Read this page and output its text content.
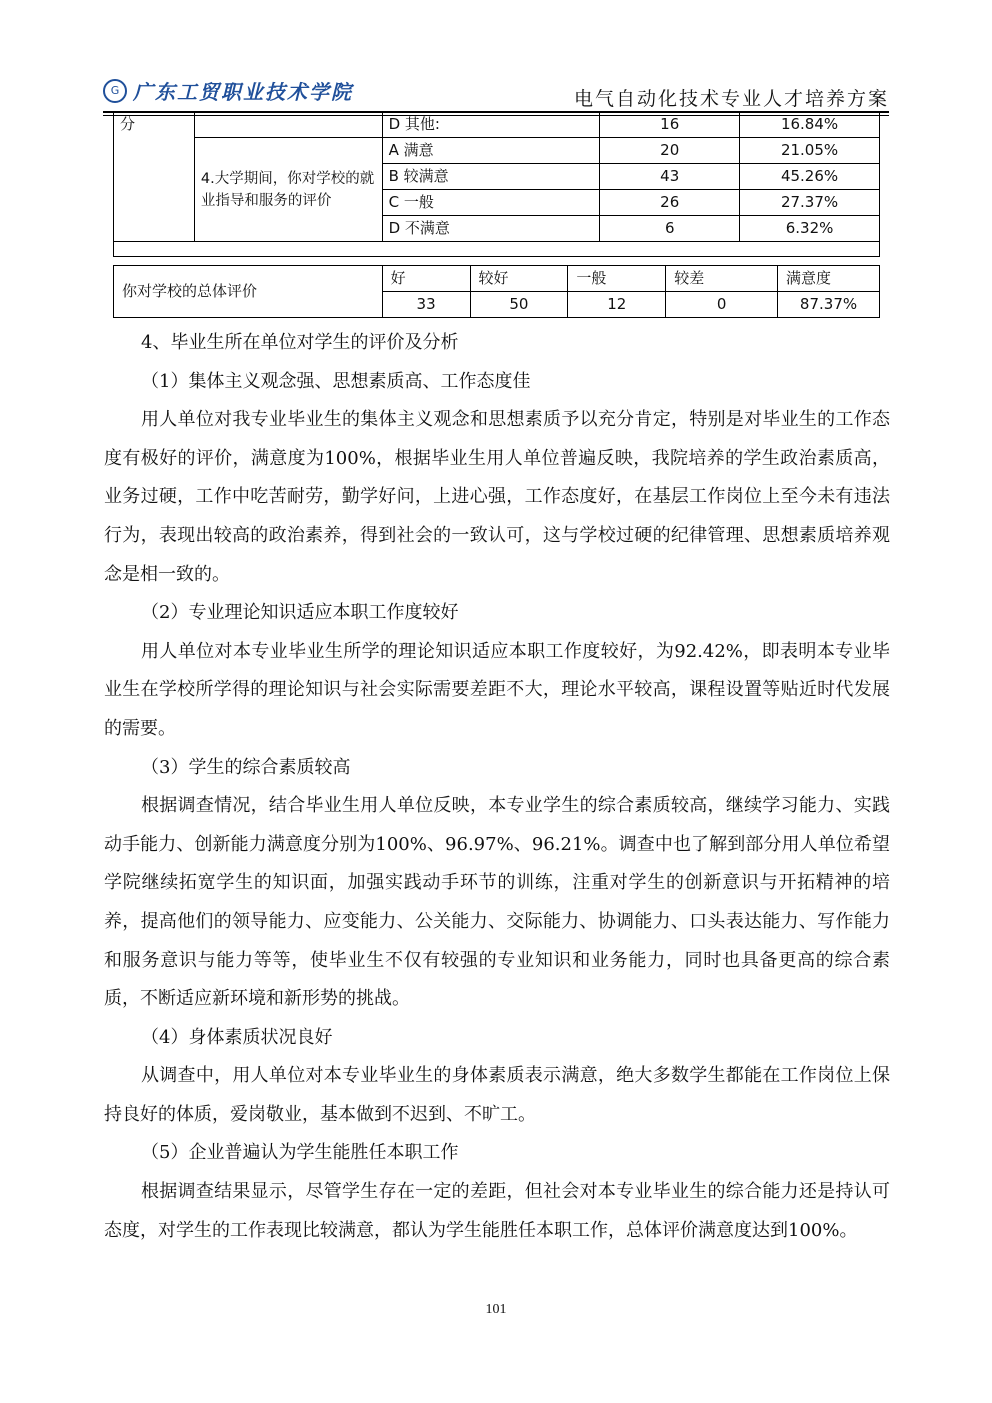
G 广东工贸职业技术学院	电气自动化技术专业人才培养方案
分		D 其他:	16	16.84%
	4.大学期间，你对学校的就业指导和服务的评价	A 满意	20	21.05%
		B 较满意	43	45.26%
		C 一般	26	27.37%
		D 不满意	6	6.32%

你对学校的总体评价	好	较好	一般	较差	满意度
	33	50	12	0	87.37%

4、毕业生所在单位对学生的评价及分析

（1）集体主义观念强、思想素质高、工作态度佳

用人单位对我专业毕业生的集体主义观念和思想素质予以充分肯定，特别是对毕业生的工作态度有极好的评价，满意度为100%，根据毕业生用人单位普遍反映，我院培养的学生政治素质高，业务过硬，工作中吃苦耐劳，勤学好问，上进心强，工作态度好，在基层工作岗位上至今未有违法行为，表现出较高的政治素养，得到社会的一致认可，这与学校过硬的纪律管理、思想素质培养观念是相一致的。

（2）专业理论知识适应本职工作度较好

用人单位对本专业毕业生所学的理论知识适应本职工作度较好，为92.42%，即表明本专业毕业生在学校所学得的理论知识与社会实际需要差距不大，理论水平较高，课程设置等贴近时代发展的需要。

（3）学生的综合素质较高

根据调查情况，结合毕业生用人单位反映，本专业学生的综合素质较高，继续学习能力、实践动手能力、创新能力满意度分别为100%、96.97%、96.21%。调查中也了解到部分用人单位希望学院继续拓宽学生的知识面，加强实践动手环节的训练，注重对学生的创新意识与开拓精神的培养，提高他们的领导能力、应变能力、公关能力、交际能力、协调能力、口头表达能力、写作能力和服务意识与能力等等，使毕业生不仅有较强的专业知识和业务能力，同时也具备更高的综合素质，不断适应新环境和新形势的挑战。

（4）身体素质状况良好

从调查中，用人单位对本专业毕业生的身体素质表示满意，绝大多数学生都能在工作岗位上保持良好的体质，爱岗敬业，基本做到不迟到、不旷工。

（5）企业普遍认为学生能胜任本职工作

根据调查结果显示，尽管学生存在一定的差距，但社会对本专业毕业生的综合能力还是持认可态度，对学生的工作表现比较满意，都认为学生能胜任本职工作，总体评价满意度达到100%。

101
